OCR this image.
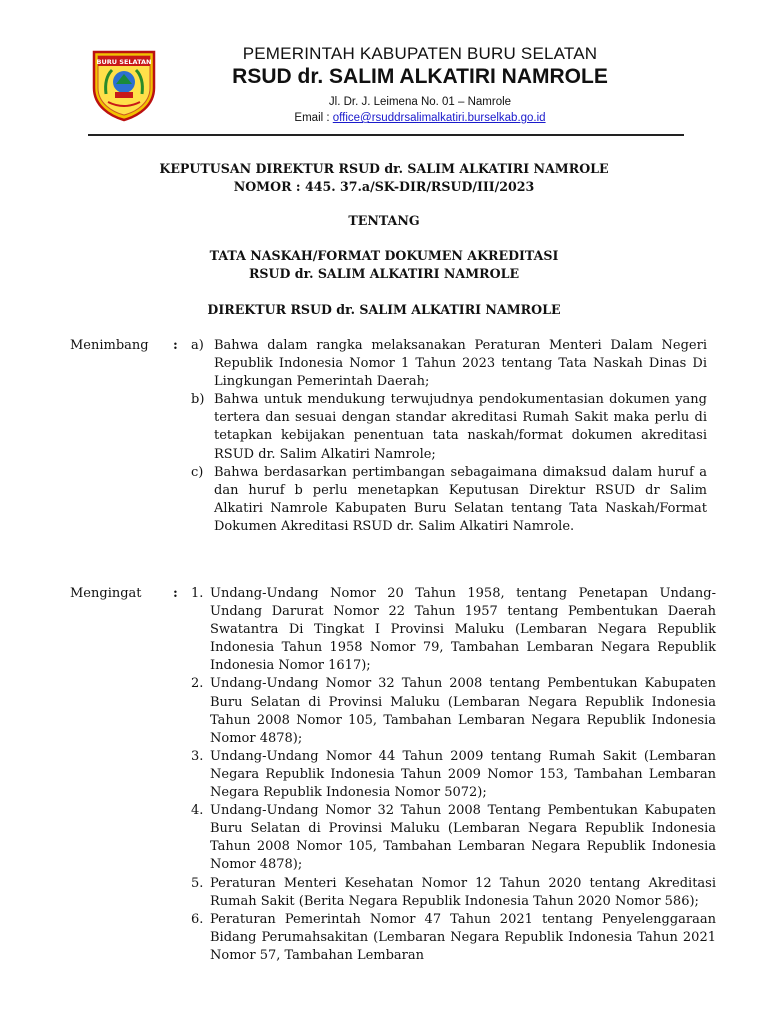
BURU SELATAN	PEMERINTAH KABUPATEN BURU SELATAN
RSUD dr. SALIM ALKATIRI NAMROLE
Jl. Dr. J. Leimena No. 01 – Namrole
Email : office@rsuddrsalimalkatiri.burselkab.go.id
KEPUTUSAN DIREKTUR RSUD dr. SALIM ALKATIRI NAMROLE
NOMOR : 445. 37.a/SK-DIR/RSUD/III/2023
TENTANG
TATA NASKAH/FORMAT DOKUMEN AKREDITASI
RSUD dr. SALIM ALKATIRI NAMROLE
DIREKTUR RSUD dr. SALIM ALKATIRI NAMROLE
Menimbang : a) Bahwa dalam rangka melaksanakan Peraturan Menteri Dalam Negeri Republik Indonesia Nomor 1 Tahun 2023 tentang Tata Naskah Dinas Di Lingkungan Pemerintah Daerah;
b) Bahwa untuk mendukung terwujudnya pendokumentasian dokumen yang tertera dan sesuai dengan standar akreditasi Rumah Sakit maka perlu di tetapkan kebijakan penentuan tata naskah/format dokumen akreditasi RSUD dr. Salim Alkatiri Namrole;
c) Bahwa berdasarkan pertimbangan sebagaimana dimaksud dalam huruf a dan huruf b perlu menetapkan Keputusan Direktur RSUD dr Salim Alkatiri Namrole Kabupaten Buru Selatan tentang Tata Naskah/Format Dokumen Akreditasi RSUD dr. Salim Alkatiri Namrole.
Mengingat : 1. Undang-Undang Nomor 20 Tahun 1958, tentang Penetapan Undang-Undang Darurat Nomor 22 Tahun 1957 tentang Pembentukan Daerah Swatantra Di Tingkat I Provinsi Maluku (Lembaran Negara Republik Indonesia Tahun 1958 Nomor 79, Tambahan Lembaran Negara Republik Indonesia Nomor 1617);
2. Undang-Undang Nomor 32 Tahun 2008 tentang Pembentukan Kabupaten Buru Selatan di Provinsi Maluku (Lembaran Negara Republik Indonesia Tahun 2008 Nomor 105, Tambahan Lembaran Negara Republik Indonesia Nomor 4878);
3. Undang-Undang Nomor 44 Tahun 2009 tentang Rumah Sakit (Lembaran Negara Republik Indonesia Tahun 2009 Nomor 153, Tambahan Lembaran Negara Republik Indonesia Nomor 5072);
4. Undang-Undang Nomor 32 Tahun 2008 Tentang Pembentukan Kabupaten Buru Selatan di Provinsi Maluku (Lembaran Negara Republik Indonesia Tahun 2008 Nomor 105, Tambahan Lembaran Negara Republik Indonesia Nomor 4878);
5. Peraturan Menteri Kesehatan Nomor 12 Tahun 2020 tentang Akreditasi Rumah Sakit (Berita Negara Republik Indonesia Tahun 2020 Nomor 586);
6. Peraturan Pemerintah Nomor 47 Tahun 2021 tentang Penyelenggaraan Bidang Perumahsakitan (Lembaran Negara Republik Indonesia Tahun 2021 Nomor 57, Tambahan Lembaran
